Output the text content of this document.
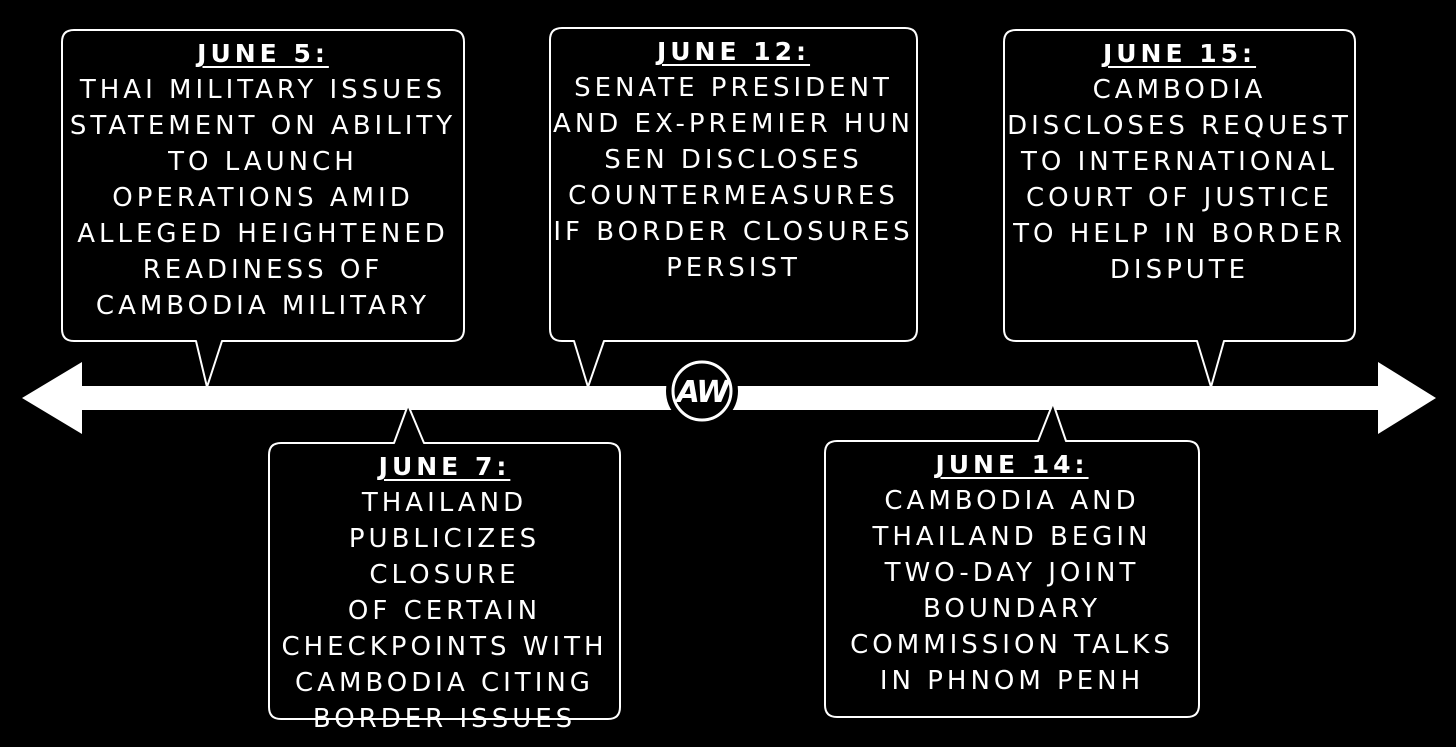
AW
JUNE 5:
THAI MILITARY ISSUES
STATEMENT ON ABILITY
TO LAUNCH
OPERATIONS AMID
ALLEGED HEIGHTENED
READINESS OF
CAMBODIA MILITARY
JUNE 12:
SENATE PRESIDENT
AND EX-PREMIER HUN
SEN DISCLOSES
COUNTERMEASURES
IF BORDER CLOSURES
PERSIST
JUNE 15:
CAMBODIA
DISCLOSES REQUEST
TO INTERNATIONAL
COURT OF JUSTICE
TO HELP IN BORDER
DISPUTE
JUNE 7:
THAILAND
PUBLICIZES CLOSURE
OF CERTAIN
CHECKPOINTS WITH
CAMBODIA CITING
BORDER ISSUES
JUNE 14:
CAMBODIA AND
THAILAND BEGIN
TWO-DAY JOINT
BOUNDARY
COMMISSION TALKS
IN PHNOM PENH
